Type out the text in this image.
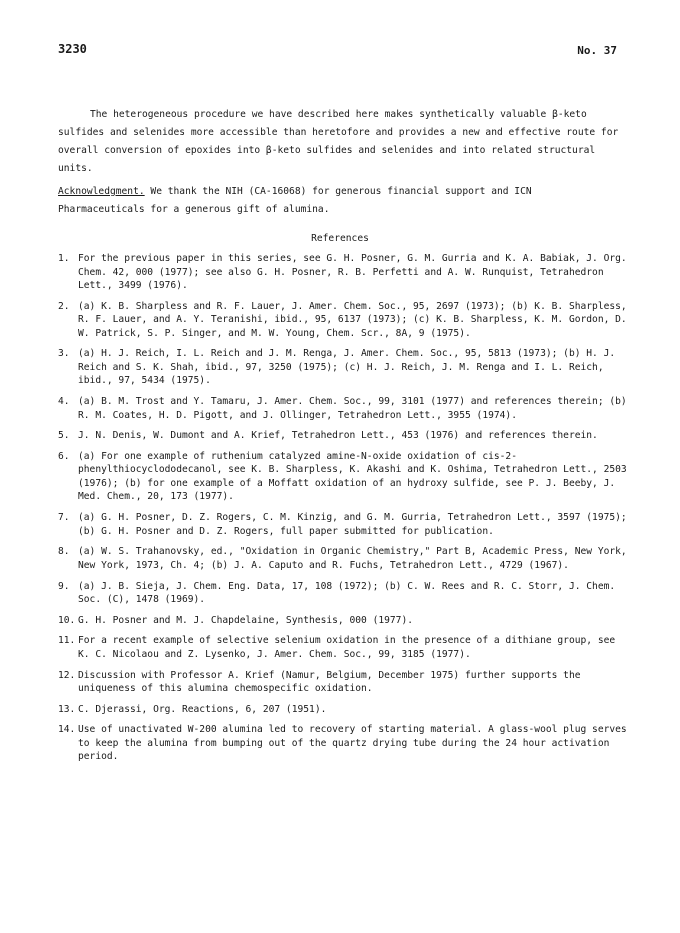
3230	No. 37
The heterogeneous procedure we have described here makes synthetically valuable β-keto sulfides and selenides more accessible than heretofore and provides a new and effective route for overall conversion of epoxides into β-keto sulfides and selenides and into related structural units.
Acknowledgment. We thank the NIH (CA-16068) for generous financial support and ICN Pharmaceuticals for a generous gift of alumina.
References
1. For the previous paper in this series, see G. H. Posner, G. M. Gurria and K. A. Babiak, J. Org. Chem. 42, 000 (1977); see also G. H. Posner, R. B. Perfetti and A. W. Runquist, Tetrahedron Lett., 3499 (1976).
2. (a) K. B. Sharpless and R. F. Lauer, J. Amer. Chem. Soc., 95, 2697 (1973); (b) K. B. Sharpless, R. F. Lauer, and A. Y. Teranishi, ibid., 95, 6137 (1973); (c) K. B. Sharpless, K. M. Gordon, D. W. Patrick, S. P. Singer, and M. W. Young, Chem. Scr., 8A, 9 (1975).
3. (a) H. J. Reich, I. L. Reich and J. M. Renga, J. Amer. Chem. Soc., 95, 5813 (1973); (b) H. J. Reich and S. K. Shah, ibid., 97, 3250 (1975); (c) H. J. Reich, J. M. Renga and I. L. Reich, ibid., 97, 5434 (1975).
4. (a) B. M. Trost and Y. Tamaru, J. Amer. Chem. Soc., 99, 3101 (1977) and references therein; (b) R. M. Coates, H. D. Pigott, and J. Ollinger, Tetrahedron Lett., 3955 (1974).
5. J. N. Denis, W. Dumont and A. Krief, Tetrahedron Lett., 453 (1976) and references therein.
6. (a) For one example of ruthenium catalyzed amine-N-oxide oxidation of cis-2-phenylthiocyclododecanol, see K. B. Sharpless, K. Akashi and K. Oshima, Tetrahedron Lett., 2503 (1976); (b) for one example of a Moffatt oxidation of an hydroxy sulfide, see P. J. Beeby, J. Med. Chem., 20, 173 (1977).
7. (a) G. H. Posner, D. Z. Rogers, C. M. Kinzig, and G. M. Gurria, Tetrahedron Lett., 3597 (1975); (b) G. H. Posner and D. Z. Rogers, full paper submitted for publication.
8. (a) W. S. Trahanovsky, ed., "Oxidation in Organic Chemistry," Part B, Academic Press, New York, New York, 1973, Ch. 4; (b) J. A. Caputo and R. Fuchs, Tetrahedron Lett., 4729 (1967).
9. (a) J. B. Sieja, J. Chem. Eng. Data, 17, 108 (1972); (b) C. W. Rees and R. C. Storr, J. Chem. Soc. (C), 1478 (1969).
10. G. H. Posner and M. J. Chapdelaine, Synthesis, 000 (1977).
11. For a recent example of selective selenium oxidation in the presence of a dithiane group, see K. C. Nicolaou and Z. Lysenko, J. Amer. Chem. Soc., 99, 3185 (1977).
12. Discussion with Professor A. Krief (Namur, Belgium, December 1975) further supports the uniqueness of this alumina chemospecific oxidation.
13. C. Djerassi, Org. Reactions, 6, 207 (1951).
14. Use of unactivated W-200 alumina led to recovery of starting material. A glass-wool plug serves to keep the alumina from bumping out of the quartz drying tube during the 24 hour activation period.
